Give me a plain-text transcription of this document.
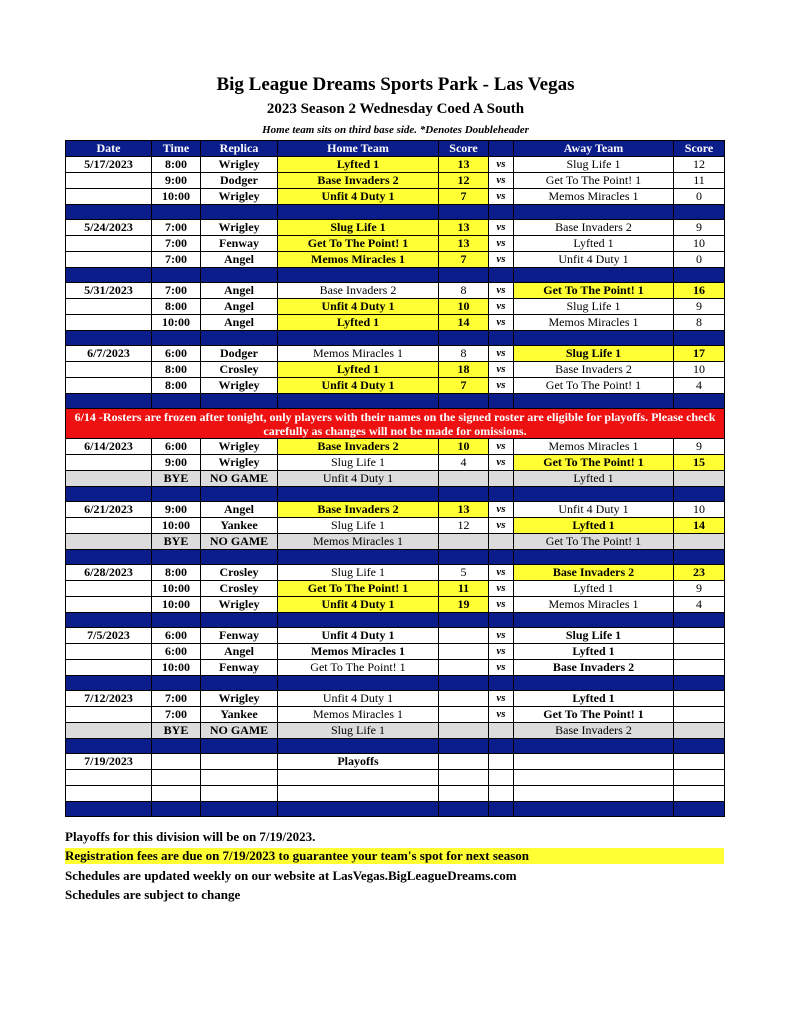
Big League Dreams Sports Park - Las Vegas
2023 Season 2 Wednesday Coed A South
Home team sits on third base side. *Denotes Doubleheader
Date	Time	Replica	Home Team	Score		Away Team	Score
5/17/2023	8:00	Wrigley	Lyfted 1	13	vs	Slug Life 1	12
	9:00	Dodger	Base Invaders 2	12	vs	Get To The Point! 1	11
	10:00	Wrigley	Unfit 4 Duty 1	7	vs	Memos Miracles 1	0

5/24/2023	7:00	Wrigley	Slug Life 1	13	vs	Base Invaders 2	9
	7:00	Fenway	Get To The Point! 1	13	vs	Lyfted 1	10
	7:00	Angel	Memos Miracles 1	7	vs	Unfit 4 Duty 1	0

5/31/2023	7:00	Angel	Base Invaders 2	8	vs	Get To The Point! 1	16
	8:00	Angel	Unfit 4 Duty 1	10	vs	Slug Life 1	9
	10:00	Angel	Lyfted 1	14	vs	Memos Miracles 1	8

6/7/2023	6:00	Dodger	Memos Miracles 1	8	vs	Slug Life 1	17
	8:00	Crosley	Lyfted 1	18	vs	Base Invaders 2	10
	8:00	Wrigley	Unfit 4 Duty 1	7	vs	Get To The Point! 1	4

6/14 -Rosters are frozen after tonight, only players with their names on the signed roster are eligible for playoffs. Please check carefully as changes will not be made for omissions.							
6/14/2023	6:00	Wrigley	Base Invaders 2	10	vs	Memos Miracles 1	9
	9:00	Wrigley	Slug Life 1	4	vs	Get To The Point! 1	15
	BYE	NO GAME	Unfit 4 Duty 1			Lyfted 1	

6/21/2023	9:00	Angel	Base Invaders 2	13	vs	Unfit 4 Duty 1	10
	10:00	Yankee	Slug Life 1	12	vs	Lyfted 1	14
	BYE	NO GAME	Memos Miracles 1			Get To The Point! 1	

6/28/2023	8:00	Crosley	Slug Life 1	5	vs	Base Invaders 2	23
	10:00	Crosley	Get To The Point! 1	11	vs	Lyfted 1	9
	10:00	Wrigley	Unfit 4 Duty 1	19	vs	Memos Miracles 1	4

7/5/2023	6:00	Fenway	Unfit 4 Duty 1		vs	Slug Life 1	
	6:00	Angel	Memos Miracles 1		vs	Lyfted 1	
	10:00	Fenway	Get To The Point! 1		vs	Base Invaders 2	

7/12/2023	7:00	Wrigley	Unfit 4 Duty 1		vs	Lyfted 1	
	7:00	Yankee	Memos Miracles 1		vs	Get To The Point! 1	
	BYE	NO GAME	Slug Life 1			Base Invaders 2	

7/19/2023			Playoffs				

Playoffs for this division will be on 7/19/2023.
Registration fees are due on 7/19/2023 to guarantee your team's spot for next season
Schedules are updated weekly on our website at LasVegas.BigLeagueDreams.com
Schedules are subject to change
